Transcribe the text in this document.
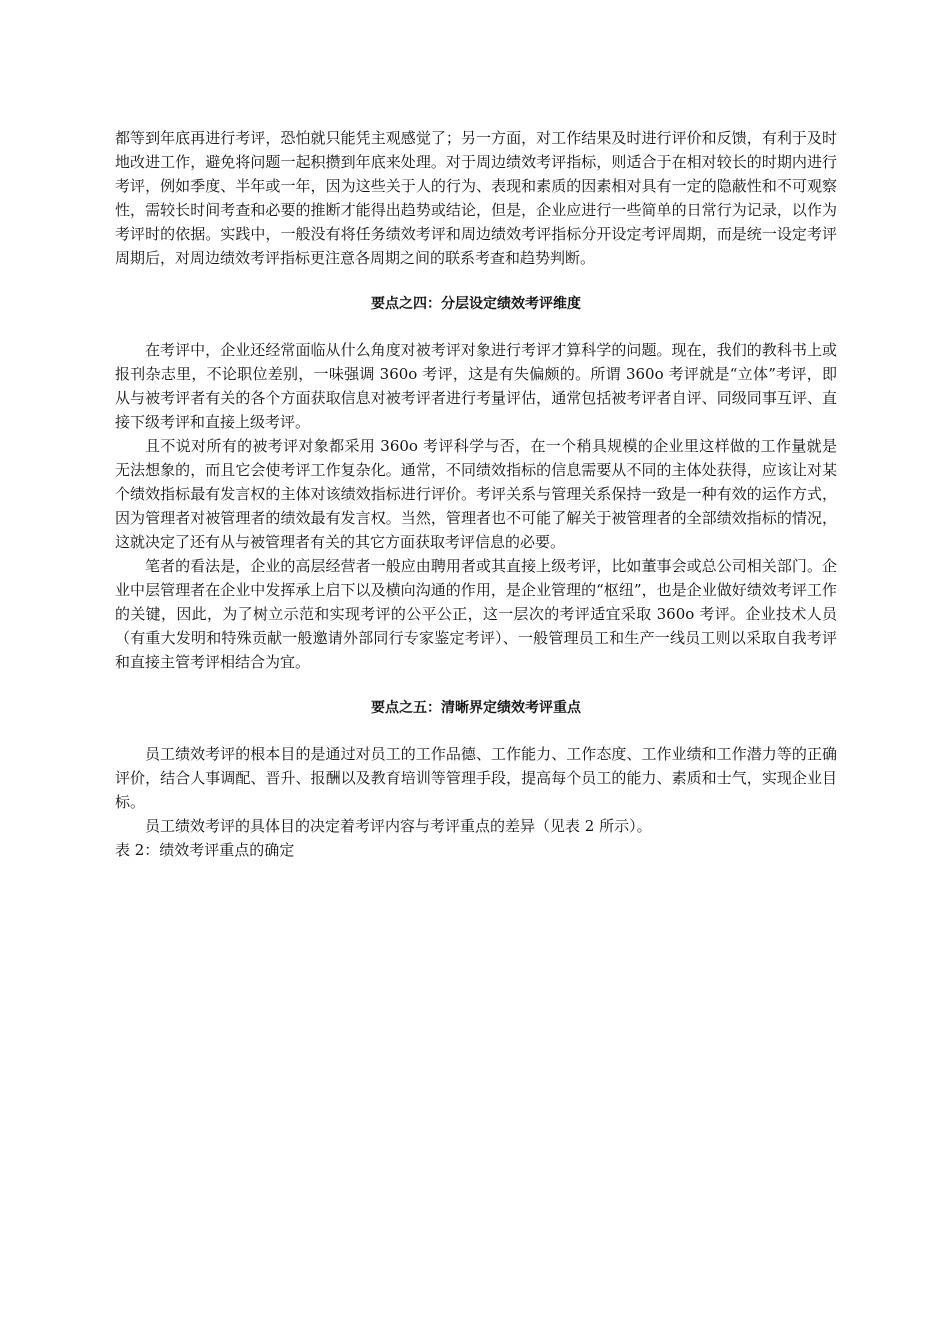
都等到年底再进行考评，恐怕就只能凭主观感觉了；另一方面，对工作结果及时进行评价和反馈，有利于及时地改进工作，避免将问题一起积攒到年底来处理。对于周边绩效考评指标，则适合于在相对较长的时期内进行考评，例如季度、半年或一年，因为这些关于人的行为、表现和素质的因素相对具有一定的隐蔽性和不可观察性，需较长时间考查和必要的推断才能得出趋势或结论，但是，企业应进行一些简单的日常行为记录，以作为考评时的依据。实践中，一般没有将任务绩效考评和周边绩效考评指标分开设定考评周期，而是统一设定考评周期后，对周边绩效考评指标更注意各周期之间的联系考查和趋势判断。

要点之四：分层设定绩效考评维度

在考评中，企业还经常面临从什么角度对被考评对象进行考评才算科学的问题。现在，我们的教科书上或报刊杂志里，不论职位差别，一味强调 360o 考评，这是有失偏颇的。所谓 360o 考评就是“立体”考评，即从与被考评者有关的各个方面获取信息对被考评者进行考量评估，通常包括被考评者自评、同级同事互评、直接下级考评和直接上级考评。

且不说对所有的被考评对象都采用 360o 考评科学与否，在一个稍具规模的企业里这样做的工作量就是无法想象的，而且它会使考评工作复杂化。通常，不同绩效指标的信息需要从不同的主体处获得，应该让对某个绩效指标最有发言权的主体对该绩效指标进行评价。考评关系与管理关系保持一致是一种有效的运作方式，因为管理者对被管理者的绩效最有发言权。当然，管理者也不可能了解关于被管理者的全部绩效指标的情况，这就决定了还有从与被管理者有关的其它方面获取考评信息的必要。

笔者的看法是，企业的高层经营者一般应由聘用者或其直接上级考评，比如董事会或总公司相关部门。企业中层管理者在企业中发挥承上启下以及横向沟通的作用，是企业管理的“枢纽”，也是企业做好绩效考评工作的关键，因此，为了树立示范和实现考评的公平公正，这一层次的考评适宜采取 360o 考评。企业技术人员（有重大发明和特殊贡献一般邀请外部同行专家鉴定考评）、一般管理员工和生产一线员工则以采取自我考评和直接主管考评相结合为宜。

要点之五：清晰界定绩效考评重点

员工绩效考评的根本目的是通过对员工的工作品德、工作能力、工作态度、工作业绩和工作潜力等的正确评价，结合人事调配、晋升、报酬以及教育培训等管理手段，提高每个员工的能力、素质和士气，实现企业目标。

员工绩效考评的具体目的决定着考评内容与考评重点的差异（见表 2 所示）。

表 2：绩效考评重点的确定
